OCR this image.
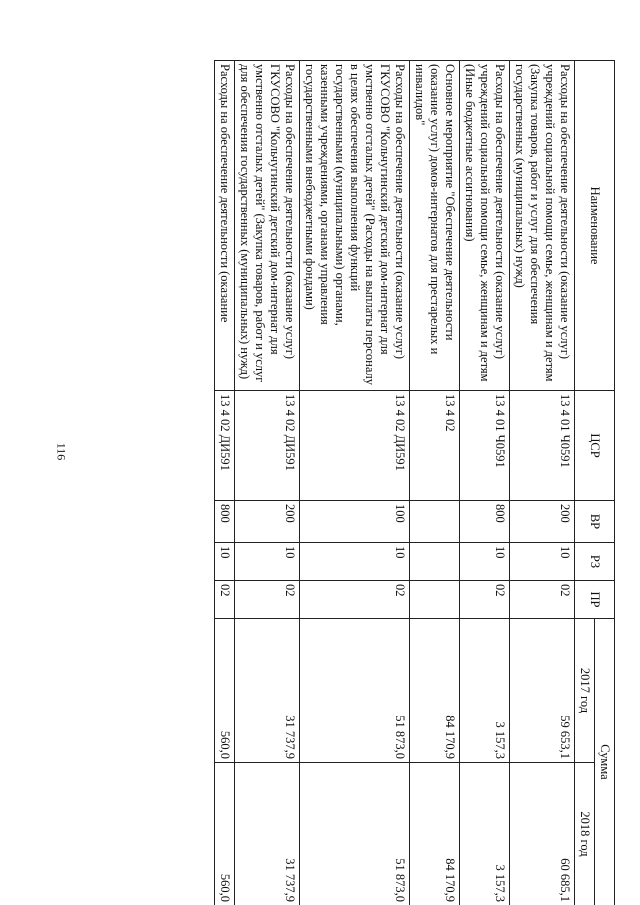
116
Наименование	ЦСР	ВР	РЗ	ПР	Сумма	
					2017 год	2018 год
Расходы на обеспечение деятельности (оказание услуг) учреждений социальной помощи семье, женщинам и детям (Закупка товаров, работ и услуг для обеспечения государственных (муниципальных) нужд)	13 4 01 Ч0591	200	10	02	59 653,1	60 685,1
Расходы на обеспечение деятельности (оказание услуг) учреждений социальной помощи семье, женщинам и детям (Иные бюджетные ассигнования)	13 4 01 Ч0591	800	10	02	3 157,3	3 157,3
Основное мероприятие "Обеспечение деятельности (оказание услуг) домов-интернатов для престарелых и инвалидов"	13 4 02				84 170,9	84 170,9
Расходы на обеспечение деятельности (оказание услуг) ГКУСОВО "Кольчугинский детский дом-интернат для умственно отсталых детей" (Расходы на выплаты персоналу в целях обеспечения выполнения функций государственными (муниципальными) органами, казенными учреждениями, органами управления государственными внебюджетными фондами)	13 4 02 ДИ591	100	10	02	51 873,0	51 873,0
Расходы на обеспечение деятельности (оказание услуг) ГКУСОВО "Кольчугинский детский дом-интернат для умственно отсталых детей" (Закупка товаров, работ и услуг для обеспечения государственных (муниципальных) нужд)	13 4 02 ДИ591	200	10	02	31 737,9	31 737,9
Расходы на обеспечение деятельности (оказание	13 4 02 ДИ591	800	10	02	560,0	560,0
